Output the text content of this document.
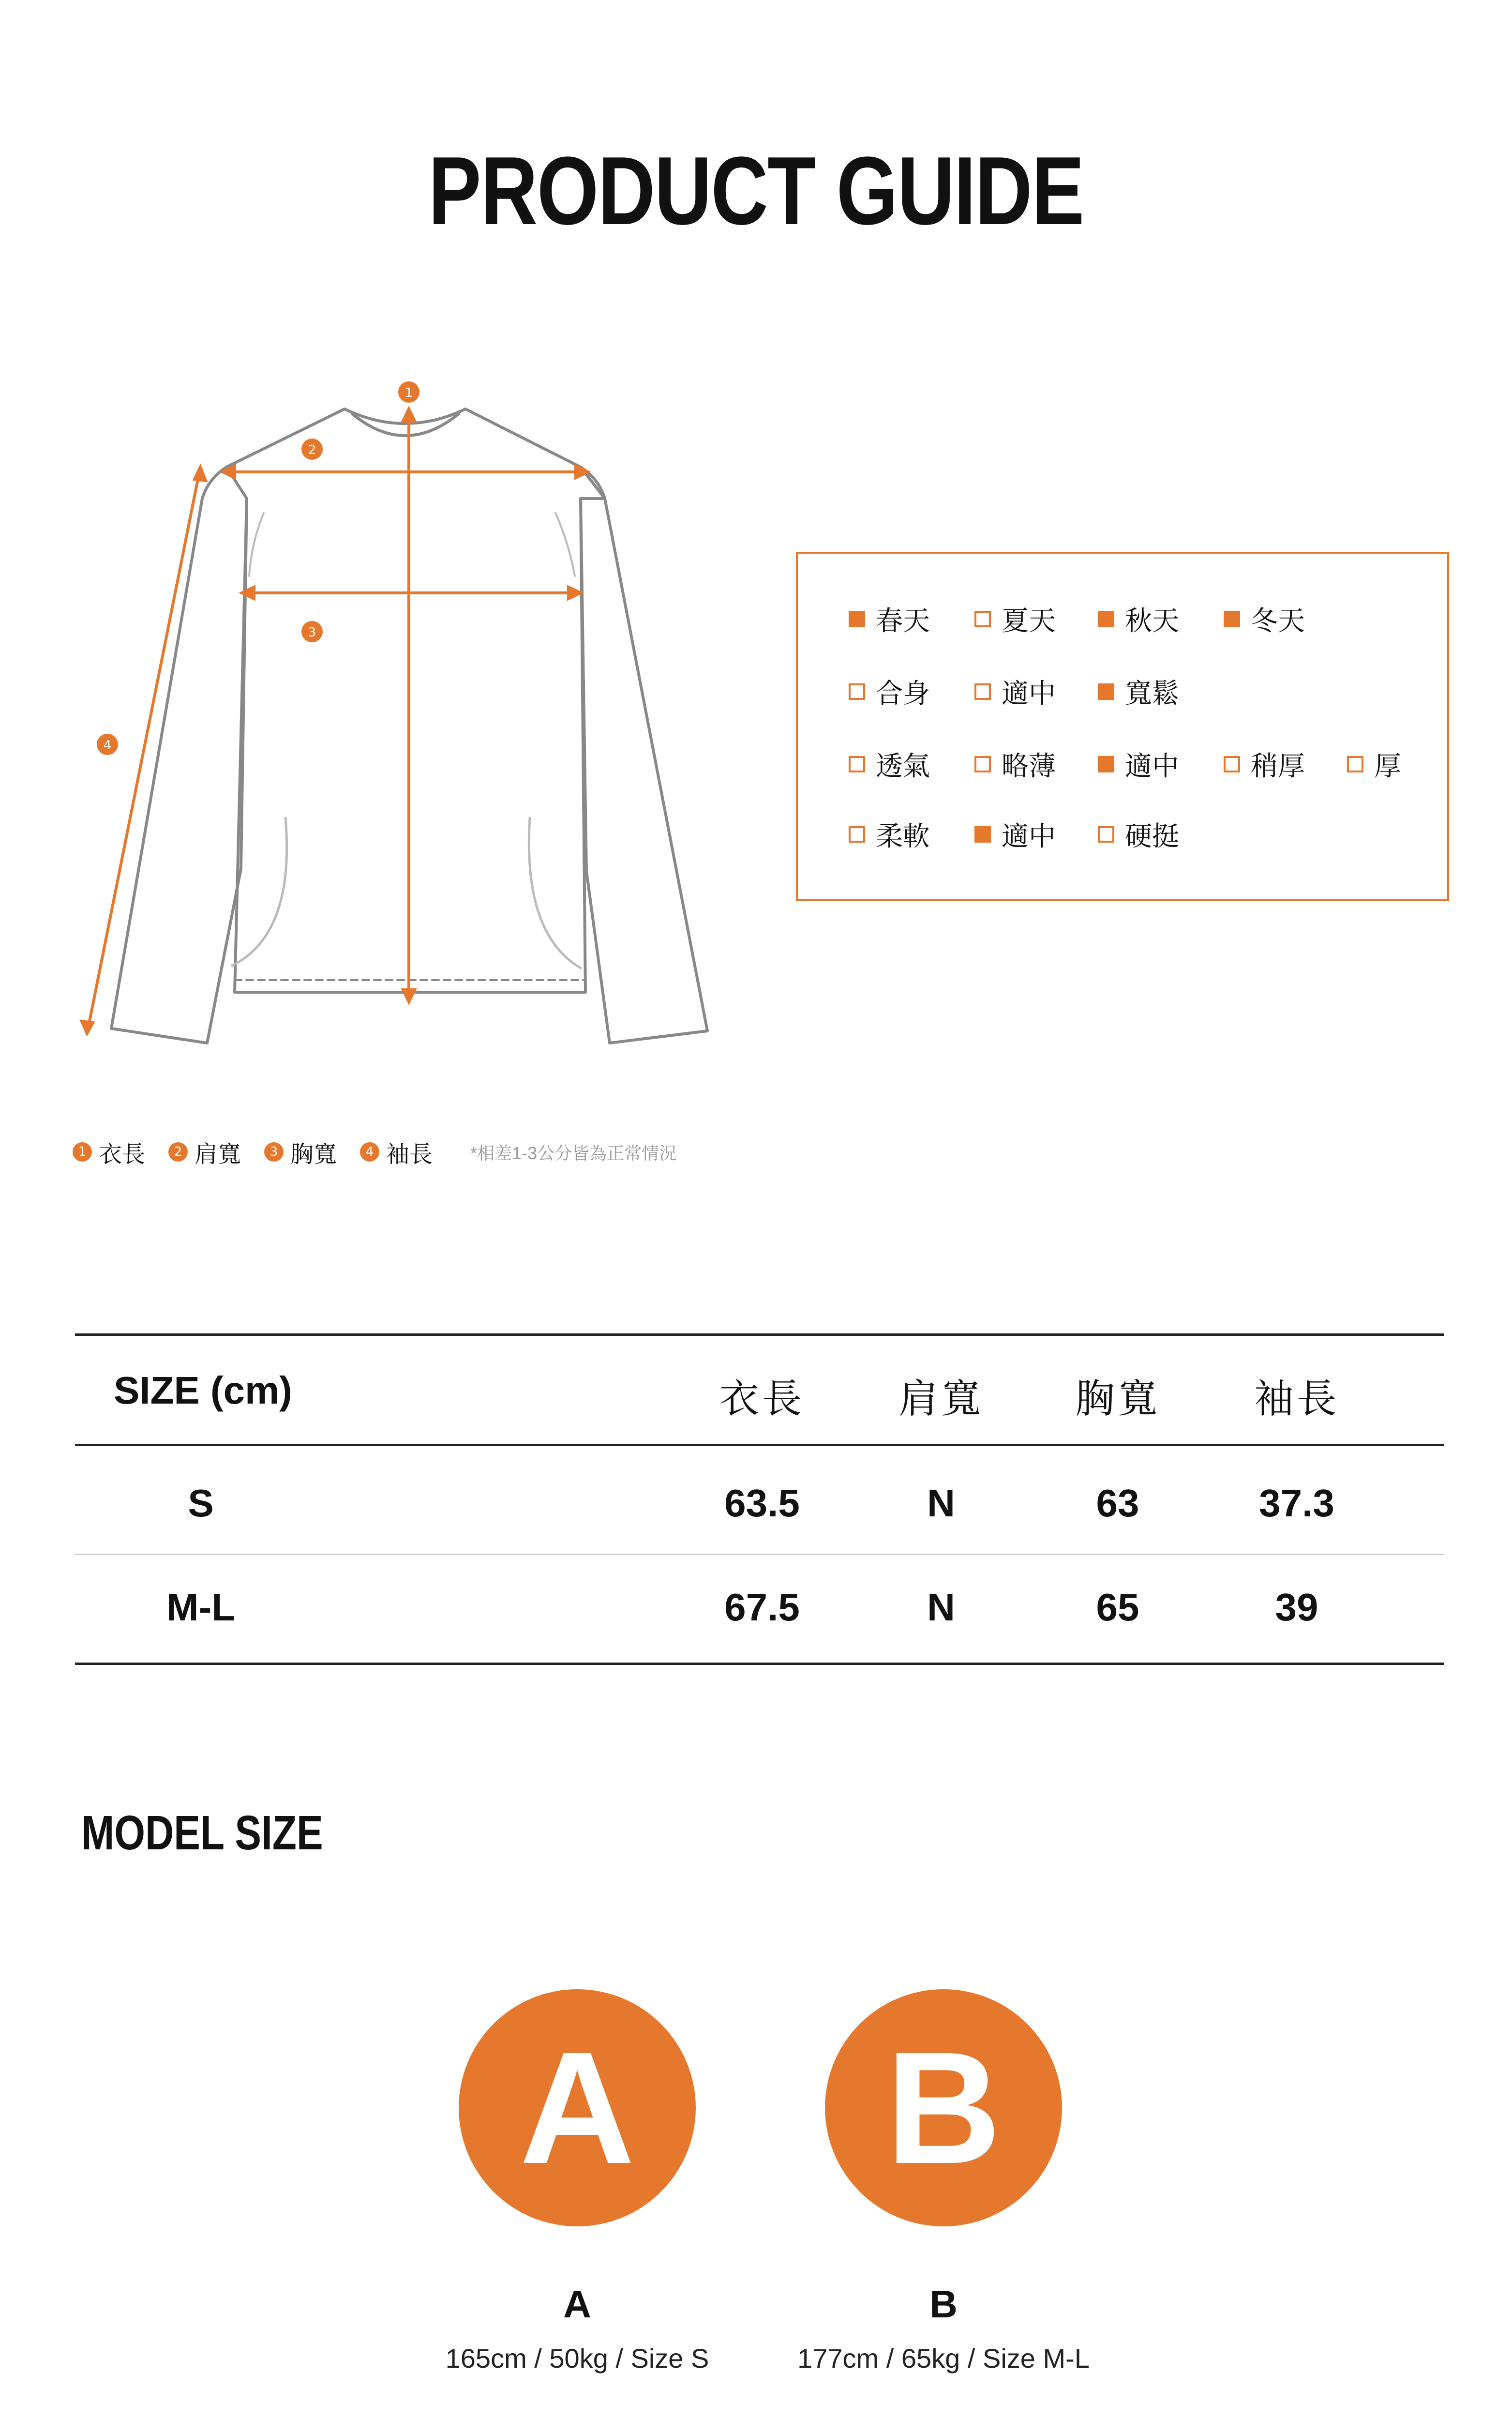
PRODUCT GUIDE
1
2
3
4
1 衣長	2 肩寬	3 胸寬	4 袖長 *相差1-3公分皆為正常情況
春天	夏天	秋天	冬天
合身	適中	寬鬆
透氣	略薄	適中	稍厚	厚
柔軟	適中	硬挺
SIZE (cm)	衣長	肩寬	胸寬	袖長
S	63.5	N	63	37.3
M-L	67.5	N	65	39
MODEL SIZE
A	B
A	B
165cm / 50kg / Size S	177cm / 65kg / Size M-L
